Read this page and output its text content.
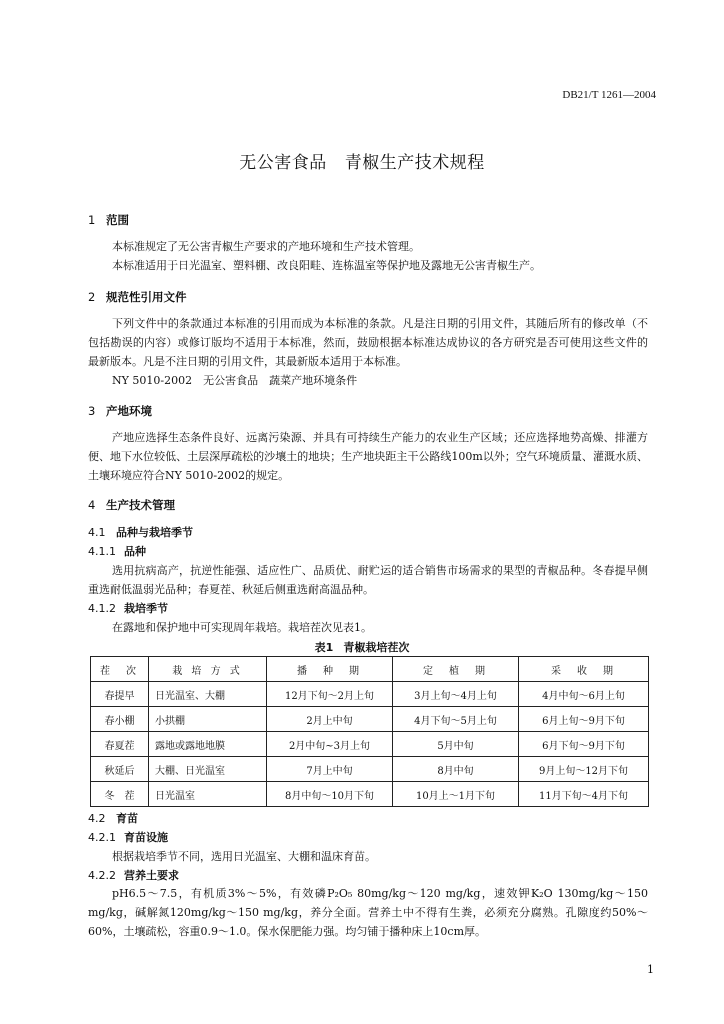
DB21/T 1261—2004
无公害食品 青椒生产技术规程
1 范围
本标准规定了无公害青椒生产要求的产地环境和生产技术管理。
本标准适用于日光温室、塑料棚、改良阳畦、连栋温室等保护地及露地无公害青椒生产。
2 规范性引用文件
下列文件中的条款通过本标准的引用而成为本标准的条款。凡是注日期的引用文件，其随后所有的修改单（不包括勘误的内容）或修订版均不适用于本标准，然而，鼓励根据本标准达成协议的各方研究是否可使用这些文件的最新版本。凡是不注日期的引用文件，其最新版本适用于本标准。
NY 5010-2002　无公害食品　蔬菜产地环境条件
3 产地环境
产地应选择生态条件良好、远离污染源、并具有可持续生产能力的农业生产区域；还应选择地势高燥、排灌方便、地下水位较低、土层深厚疏松的沙壤土的地块；生产地块距主干公路线100m以外；空气环境质量、灌溉水质、土壤环境应符合NY 5010-2002的规定。
4 生产技术管理
4.1 品种与栽培季节
4.1.1 品种
选用抗病高产，抗逆性能强、适应性广、品质优、耐贮运的适合销售市场需求的果型的青椒品种。冬春提早侧重选耐低温弱光品种；春夏茬、秋延后侧重选耐高温品种。
4.1.2 栽培季节
在露地和保护地中可实现周年栽培。栽培茬次见表1。
表1 青椒栽培茬次
茬　次	栽 培 方 式	播　种　期	定　植　期	采　收　期
春提早	日光温室、大棚	12月下旬～2月上旬	3月上旬～4月上旬	4月中旬～6月上旬
春小棚	小拱棚	2月上中旬	4月下旬～5月上旬	6月上旬～9月下旬
春夏茬	露地或露地地膜	2月中旬~3月上旬	5月中旬	6月下旬～9月下旬
秋延后	大棚、日光温室	7月上中旬	8月中旬	9月上旬～12月下旬
冬　茬	日光温室	8月中旬～10月下旬	10月上～1月下旬	11月下旬～4月下旬
4.2 育苗
4.2.1 育苗设施
根据栽培季节不同，选用日光温室、大棚和温床育苗。
4.2.2 营养土要求
pH6.5～7.5，有机质3%～5%，有效磷P₂O₅ 80mg/kg～120 mg/kg，速效钾K₂O 130mg/kg～150 mg/kg，碱解氮120mg/kg～150 mg/kg，养分全面。营养土中不得有生粪，必须充分腐熟。孔隙度约50%～60%，土壤疏松，容重0.9～1.0。保水保肥能力强。均匀铺于播种床上10cm厚。
1
